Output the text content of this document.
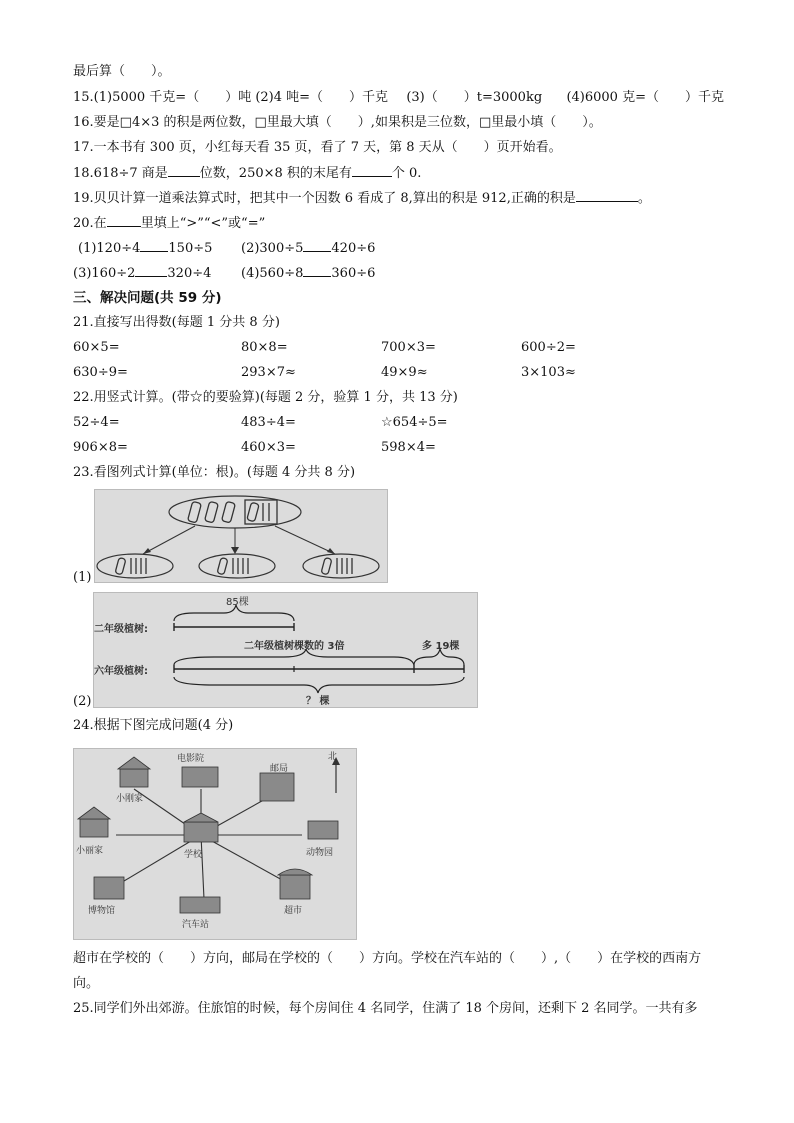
最后算（　　）。
15.(1)5000 千克=（　　）吨 (2)4 吨=（　　）千克 (3)（　　）t=3000kg (4)6000 克=（　　）千克
16.要是□4×3 的积是两位数，□里最大填（　　）,如果积是三位数，□里最小填（　　）。
17.一本书有 300 页，小红每天看 35 页，看了 7 天，第 8 天从（　　）页开始看。
18.618÷7 商是 位数，250×8 积的末尾有	个 0.
19.贝贝计算一道乘法算式时，把其中一个因数 6 看成了 8,算出的积是 912,正确的积是	。
20.在	里填上“>”“<”或“=”
(1)120÷4 150÷5 (2)300÷5 420÷6
(3)160÷2 320÷4 (4)560÷8 360÷6
三、解决问题(共 59 分)
21.直接写出得数(每题 1 分共 8 分)
60×5=	80×8=	700×3=	600÷2=
630÷9=	293×7≈	49×9≈	3×103≈
22.用竖式计算。(带☆的要验算)(每题 2 分，验算 1 分，共 13 分)
52÷4=	483÷4=	☆654÷5=
906×8=	460×3=	598×4=
23.看图列式计算(单位：根)。(每题 4 分共 8 分)
(1)
85棵
二年级植树:
六年级植树:
二年级植树棵数的 3倍	多 19棵
？ 棵
(2)
24.根据下图完成问题(4 分)
电影院
邮局
北
小刚家
小丽家	学校	动物园
博物馆
汽车站
超市
超市在学校的（　　）方向，邮局在学校的（　　）方向。学校在汽车站的（　　）,（　　）在学校的西南方
向。
25.同学们外出郊游。住旅馆的时候，每个房间住 4 名同学，住满了 18 个房间，还剩下 2 名同学。一共有多
